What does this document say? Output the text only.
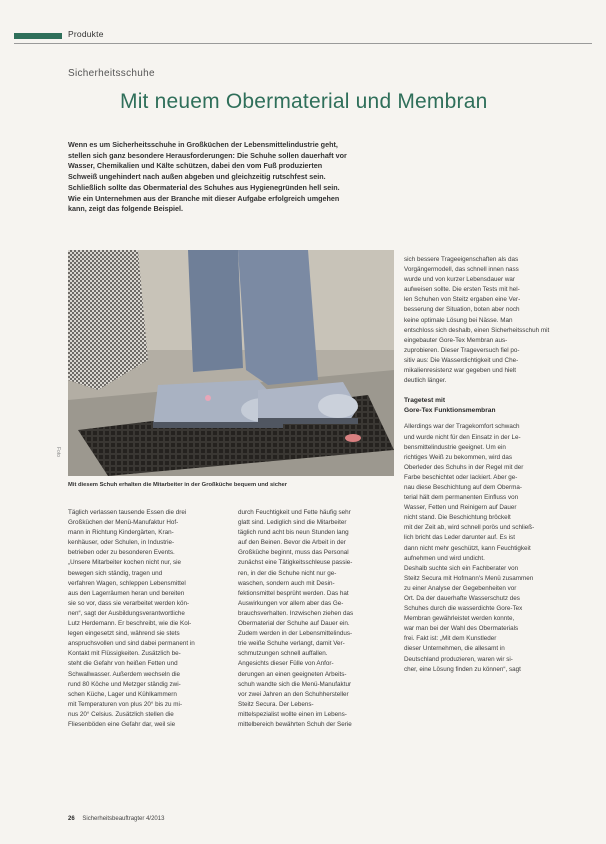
Produkte
Sicherheitsschuhe
Mit neuem Obermaterial und Membran
Wenn es um Sicherheitsschuhe in Großküchen der Lebensmittelindustrie geht,
stellen sich ganz besondere Herausforderungen: Die Schuhe sollen dauerhaft vor
Wasser, Chemikalien und Kälte schützen, dabei den vom Fuß produzierten
Schweiß ungehindert nach außen abgeben und gleichzeitig rutschfest sein.
Schließlich sollte das Obermaterial des Schuhes aus Hygienegründen hell sein.
Wie ein Unternehmen aus der Branche mit dieser Aufgabe erfolgreich umgehen
kann, zeigt das folgende Beispiel.
Foto
Mit diesem Schuh erhalten die Mitarbeiter in der Großküche bequem und sicher
Täglich verlassen tausende Essen die drei
Großküchen der Menü-Manufaktur Hof-
mann in Richtung Kindergärten, Kran-
kenhäuser, oder Schulen, in Industrie-
betrieben oder zu besonderen Events.
„Unsere Mitarbeiter kochen nicht nur, sie
bewegen sich ständig, tragen und
verfahren Wagen, schleppen Lebensmittel
aus den Lagerräumen heran und bereiten
sie so vor, dass sie verarbeitet werden kön-
nen“, sagt der Ausbildungsverantwortliche
Lutz Herdemann. Er beschreibt, wie die Kol-
legen eingesetzt sind, während sie stets
anspruchsvollen und sind dabei permanent in
Kontakt mit Flüssigkeiten. Zusätzlich be-
steht die Gefahr von heißen Fetten und
Schwallwasser. Außerdem wechseln die
rund 80 Köche und Metzger ständig zwi-
schen Küche, Lager und Kühlkammern
mit Temperaturen von plus 20° bis zu mi-
nus 20° Celsius. Zusätzlich stellen die
Fliesenböden eine Gefahr dar, weil sie
durch Feuchtigkeit und Fette häufig sehr
glatt sind. Lediglich sind die Mitarbeiter
täglich rund acht bis neun Stunden lang
auf den Beinen. Bevor die Arbeit in der
Großküche beginnt, muss das Personal
zunächst eine Tätigkeitsschleuse passie-
ren, in der die Schuhe nicht nur ge-
waschen, sondern auch mit Desin-
fektionsmittel besprüht werden. Das hat
Auswirkungen vor allem aber das Ge-
brauchsverhalten. Inzwischen ziehen das
Obermaterial der Schuhe auf Dauer ein.
Zudem werden in der Lebensmittelindus-
trie weiße Schuhe verlangt, damit Ver-
schmutzungen schnell auffallen.
Angesichts dieser Fülle von Anfor-
derungen an einen geeigneten Arbeits-
schuh wandte sich die Menü-Manufaktur
vor zwei Jahren an den Schuhhersteller
Steitz Secura. Der Lebens-
mittelspezialist wollte einen im Lebens-
mittelbereich bewährten Schuh der Serie
sich bessere Trageeigenschaften als das
Vorgängermodell, das schnell innen nass
wurde und von kurzer Lebensdauer war
aufweisen sollte. Die ersten Tests mit hel-
len Schuhen von Steitz ergaben eine Ver-
besserung der Situation, boten aber noch
keine optimale Lösung bei Nässe. Man
entschloss sich deshalb, einen Sicherheitsschuh mit
eingebauter Gore-Tex Membran aus-
zuprobieren. Dieser Trageversuch fiel po-
sitiv aus: Die Wasserdichtigkeit und Che-
mikalienresistenz war gegeben und hielt
deutlich länger.
Tragetest mit
Gore-Tex Funktionsmembran
Allerdings war der Tragekomfort schwach
und wurde nicht für den Einsatz in der Le-
bensmittelindustrie geeignet. Um ein
richtiges Weiß zu bekommen, wird das
Oberleder des Schuhs in der Regel mit der
Farbe beschichtet oder lackiert. Aber ge-
nau diese Beschichtung auf dem Oberma-
terial hält dem permanenten Einfluss von
Wasser, Fetten und Reinigern auf Dauer
nicht stand. Die Beschichtung bröckelt
mit der Zeit ab, wird schnell porös und schließ-
lich bricht das Leder darunter auf. Es ist
dann nicht mehr geschützt, kann Feuchtigkeit
aufnehmen und wird undicht.
Deshalb suchte sich ein Fachberater von
Steitz Secura mit Hofmann's Menü zusammen
zu einer Analyse der Gegebenheiten vor
Ort. Da der dauerhafte Wasserschutz des
Schuhes durch die wasserdichte Gore-Tex
Membran gewährleistet werden konnte,
war man bei der Wahl des Obermaterials
frei. Fakt ist: „Mit dem Kunstleder
dieser Unternehmen, die allesamt in
Deutschland produzieren, waren wir si-
cher, eine Lösung finden zu können“, sagt
26 Sicherheitsbeauftragter 4/2013
